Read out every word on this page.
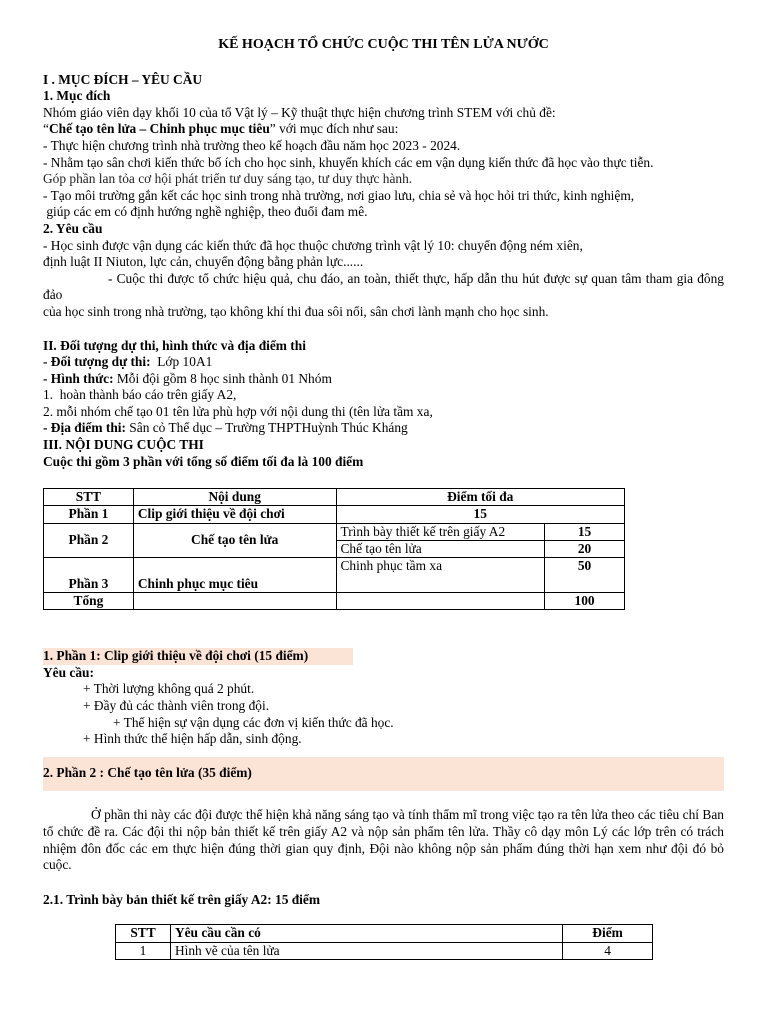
KẾ HOẠCH TỔ CHỨC CUỘC THI TÊN LỬA NƯỚC

I . MỤC ĐÍCH – YÊU CẦU

1. Mục đích

Nhóm giáo viên dạy khối 10 của tổ Vật lý – Kỹ thuật thực hiện chương trình STEM với chủ đề:

“Chế tạo tên lửa – Chinh phục mục tiêu” với mục đích như sau:

- Thực hiện chương trình nhà trường theo kế hoạch đầu năm học 2023 - 2024.

- Nhằm tạo sân chơi kiến thức bổ ích cho học sinh, khuyến khích các em vận dụng kiến thức đã học vào thực tiễn.

Góp phần lan tỏa cơ hội phát triển tư duy sáng tạo, tư duy thực hành.

- Tạo môi trường gắn kết các học sinh trong nhà trường, nơi giao lưu, chia sẻ và học hỏi tri thức, kinh nghiệm,

giúp các em có định hướng nghề nghiệp, theo đuổi đam mê.

2. Yêu cầu

- Học sinh được vận dụng các kiến thức đã học thuộc chương trình vật lý 10: chuyển động ném xiên,

định luật II Niuton, lực cản, chuyển động bằng phản lực......

- Cuộc thi được tổ chức hiệu quả, chu đáo, an toàn, thiết thực, hấp dẫn thu hút được sự quan tâm tham gia đông đảo

của học sinh trong nhà trường, tạo không khí thi đua sôi nổi, sân chơi lành mạnh cho học sinh.

II. Đối tượng dự thi, hình thức và địa điểm thi

- Đối tượng dự thi:  Lớp 10A1

- Hình thức: Mỗi đội gồm 8 học sinh thành 01 Nhóm

1.  hoàn thành báo cáo trên giấy A2,

2. mỗi nhóm chế tạo 01 tên lửa phù hợp với nội dung thi (tên lửa tầm xa,

- Địa điểm thi: Sân cỏ Thể dục – Trường THPTHuỳnh Thúc Kháng

III. NỘI DUNG CUỘC THI

Cuộc thi gồm 3 phần với tổng số điểm tối đa là 100 điểm

STT	Nội dung	Điểm tối đa	
Phần 1	Clip giới thiệu về đội chơi	15	
Phần 2	Chế tạo tên lửa	Trình bày thiết kế trên giấy A2	15
		Chế tạo tên lửa	20
Phần 3	Chinh phục mục tiêu	Chinh phục tầm xa	50
Tổng			100

1. Phần 1: Clip giới thiệu về đội chơi (15 điểm)

Yêu cầu:

+ Thời lượng không quá 2 phút.

+ Đầy đủ các thành viên trong đội.

+ Thể hiện sự vận dụng các đơn vị kiến thức đã học.

+ Hình thức thể hiện hấp dẫn, sinh động.

2. Phần 2 : Chế tạo tên lửa (35 điểm)

Ở phần thi này các đội được thể hiện khả năng sáng tạo và tính thẩm mĩ trong việc tạo ra tên lửa theo các tiêu chí Ban tổ chức đề ra. Các đội thi nộp bản thiết kế trên giấy A2 và nộp sản phẩm tên lửa. Thầy cô dạy môn Lý các lớp trên có trách nhiệm đôn đốc các em thực hiện đúng thời gian quy định, Đội nào không nộp sản phẩm đúng thời hạn xem như đội đó bỏ cuộc.

2.1. Trình bày bản thiết kế trên giấy A2: 15 điểm

STT	Yêu cầu cần có	Điểm
1	Hình vẽ của tên lửa	4
